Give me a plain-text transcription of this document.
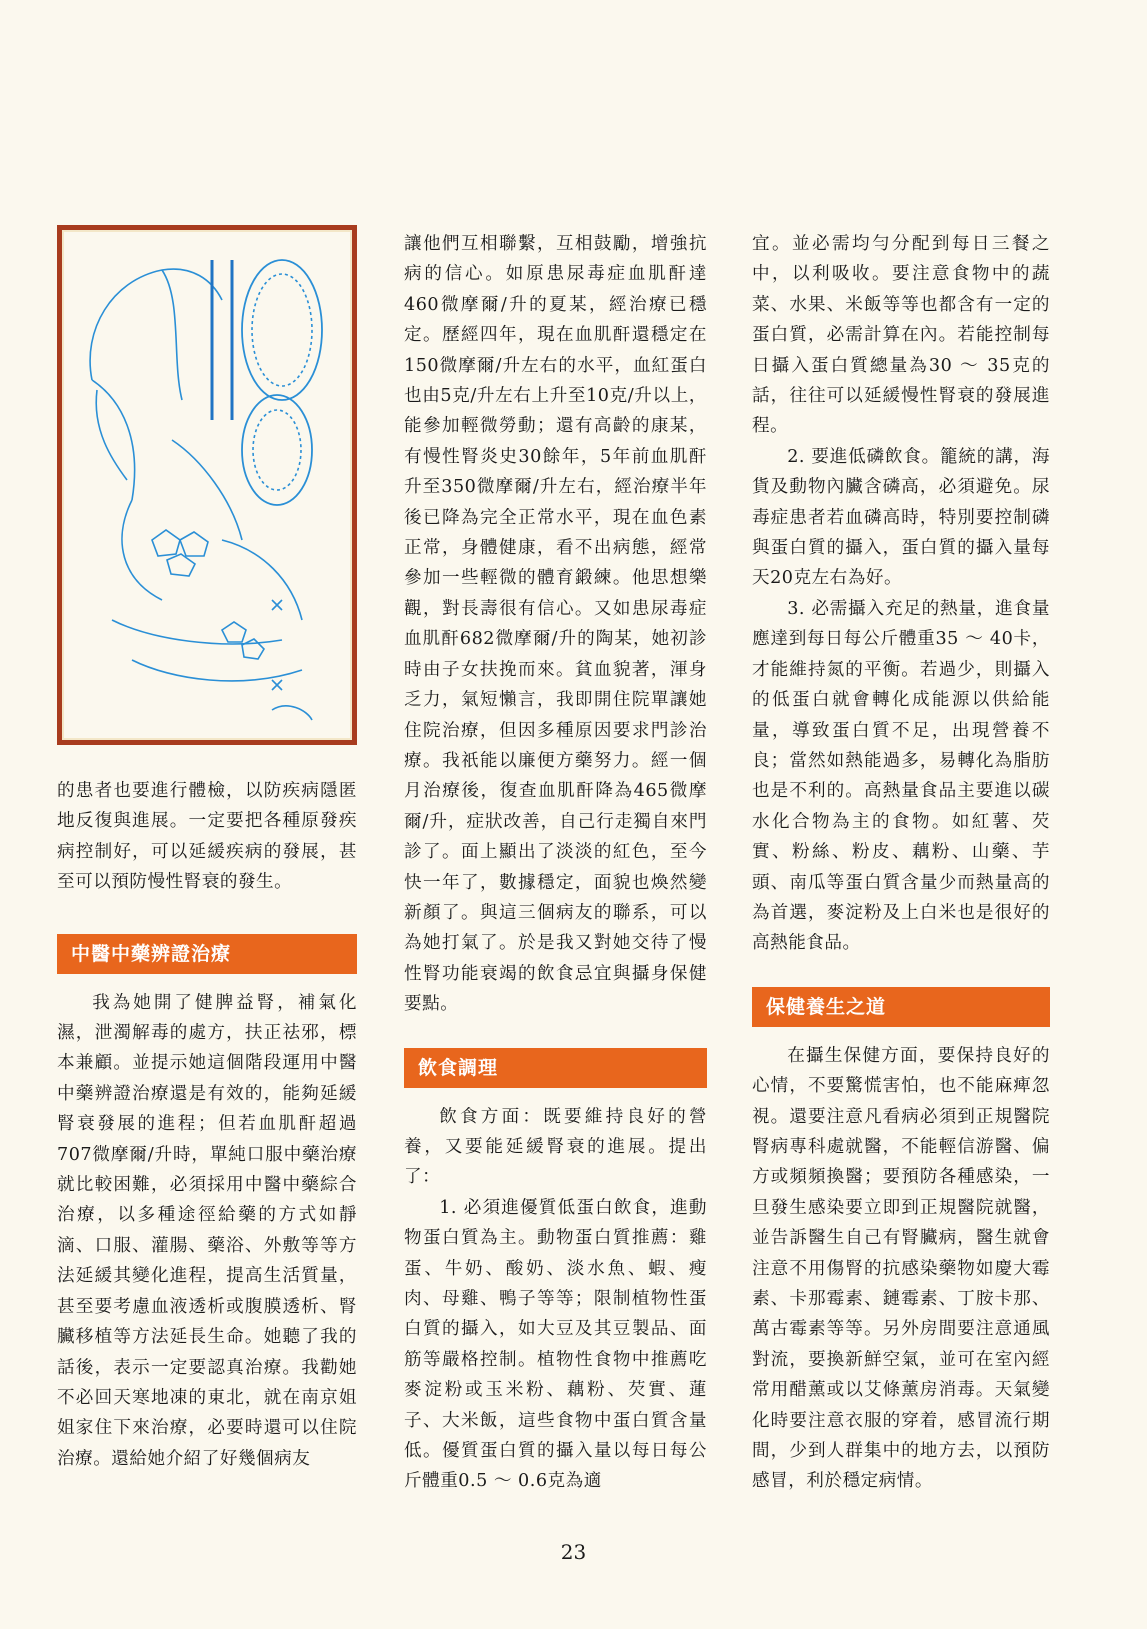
的患者也要進行體檢，以防疾病隱匿地反復與進展。一定要把各種原發疾病控制好，可以延緩疾病的發展，甚至可以預防慢性腎衰的發生。

中醫中藥辨證治療

我為她開了健脾益腎，補氣化濕，泄濁解毒的處方，扶正祛邪，標本兼顧。並提示她這個階段運用中醫中藥辨證治療還是有效的，能夠延緩腎衰發展的進程；但若血肌酐超過707微摩爾/升時，單純口服中藥治療就比較困難，必須採用中醫中藥綜合治療，以多種途徑給藥的方式如靜滴、口服、灌腸、藥浴、外敷等等方法延緩其變化進程，提高生活質量，甚至要考慮血液透析或腹膜透析、腎臟移植等方法延長生命。她聽了我的話後，表示一定要認真治療。我勸她不必回天寒地凍的東北，就在南京姐姐家住下來治療，必要時還可以住院治療。還給她介紹了好幾個病友

讓他們互相聯繫，互相鼓勵，增強抗病的信心。如原患尿毒症血肌酐達460微摩爾/升的夏某，經治療已穩定。歷經四年，現在血肌酐還穩定在150微摩爾/升左右的水平，血紅蛋白也由5克/升左右上升至10克/升以上，能參加輕微勞動；還有高齡的康某，有慢性腎炎史30餘年，5年前血肌酐升至350微摩爾/升左右，經治療半年後已降為完全正常水平，現在血色素正常，身體健康，看不出病態，經常參加一些輕微的體育鍛練。他思想樂觀，對長壽很有信心。又如患尿毒症血肌酐682微摩爾/升的陶某，她初診時由子女扶挽而來。貧血貌著，渾身乏力，氣短懶言，我即開住院單讓她住院治療，但因多種原因要求門診治療。我祇能以廉便方藥努力。經一個月治療後，復查血肌酐降為465微摩爾/升，症狀改善，自己行走獨自來門診了。面上顯出了淡淡的紅色，至今快一年了，數據穩定，面貌也煥然變新顏了。與這三個病友的聯系，可以為她打氣了。於是我又對她交待了慢性腎功能衰竭的飲食忌宜與攝身保健要點。

飲食調理

飲食方面：既要維持良好的營養，又要能延緩腎衰的進展。提出了：

1. 必須進優質低蛋白飲食，進動物蛋白質為主。動物蛋白質推薦：雞蛋、牛奶、酸奶、淡水魚、蝦、瘦肉、母雞、鴨子等等；限制植物性蛋白質的攝入，如大豆及其豆製品、面筋等嚴格控制。植物性食物中推薦吃麥淀粉或玉米粉、藕粉、芡實、蓮子、大米飯，這些食物中蛋白質含量低。優質蛋白質的攝入量以每日每公斤體重0.5 ～ 0.6克為適

宜。並必需均勻分配到每日三餐之中，以利吸收。要注意食物中的蔬菜、水果、米飯等等也都含有一定的蛋白質，必需計算在內。若能控制每日攝入蛋白質總量為30 ～ 35克的話，往往可以延緩慢性腎衰的發展進程。

2. 要進低磷飲食。籠統的講，海貨及動物內臟含磷高，必須避免。尿毒症患者若血磷高時，特別要控制磷與蛋白質的攝入，蛋白質的攝入量每天20克左右為好。

3. 必需攝入充足的熱量，進食量應達到每日每公斤體重35 ～ 40卡，才能維持氮的平衡。若過少，則攝入的低蛋白就會轉化成能源以供給能量，導致蛋白質不足，出現營養不良；當然如熱能過多，易轉化為脂肪也是不利的。高熱量食品主要進以碳水化合物為主的食物。如紅薯、芡實、粉絲、粉皮、藕粉、山藥、芋頭、南瓜等蛋白質含量少而熱量高的為首選，麥淀粉及上白米也是很好的高熱能食品。

保健養生之道

在攝生保健方面，要保持良好的心情，不要驚慌害怕，也不能麻痺忽視。還要注意凡看病必須到正規醫院腎病專科處就醫，不能輕信游醫、偏方或頻頻換醫；要預防各種感染，一旦發生感染要立即到正規醫院就醫，並告訴醫生自己有腎臟病，醫生就會注意不用傷腎的抗感染藥物如慶大霉素、卡那霉素、鏈霉素、丁胺卡那、萬古霉素等等。另外房間要注意通風對流，要換新鮮空氣，並可在室內經常用醋薰或以艾條薰房消毒。天氣變化時要注意衣服的穿着，感冒流行期間，少到人群集中的地方去，以預防感冒，利於穩定病情。

23
